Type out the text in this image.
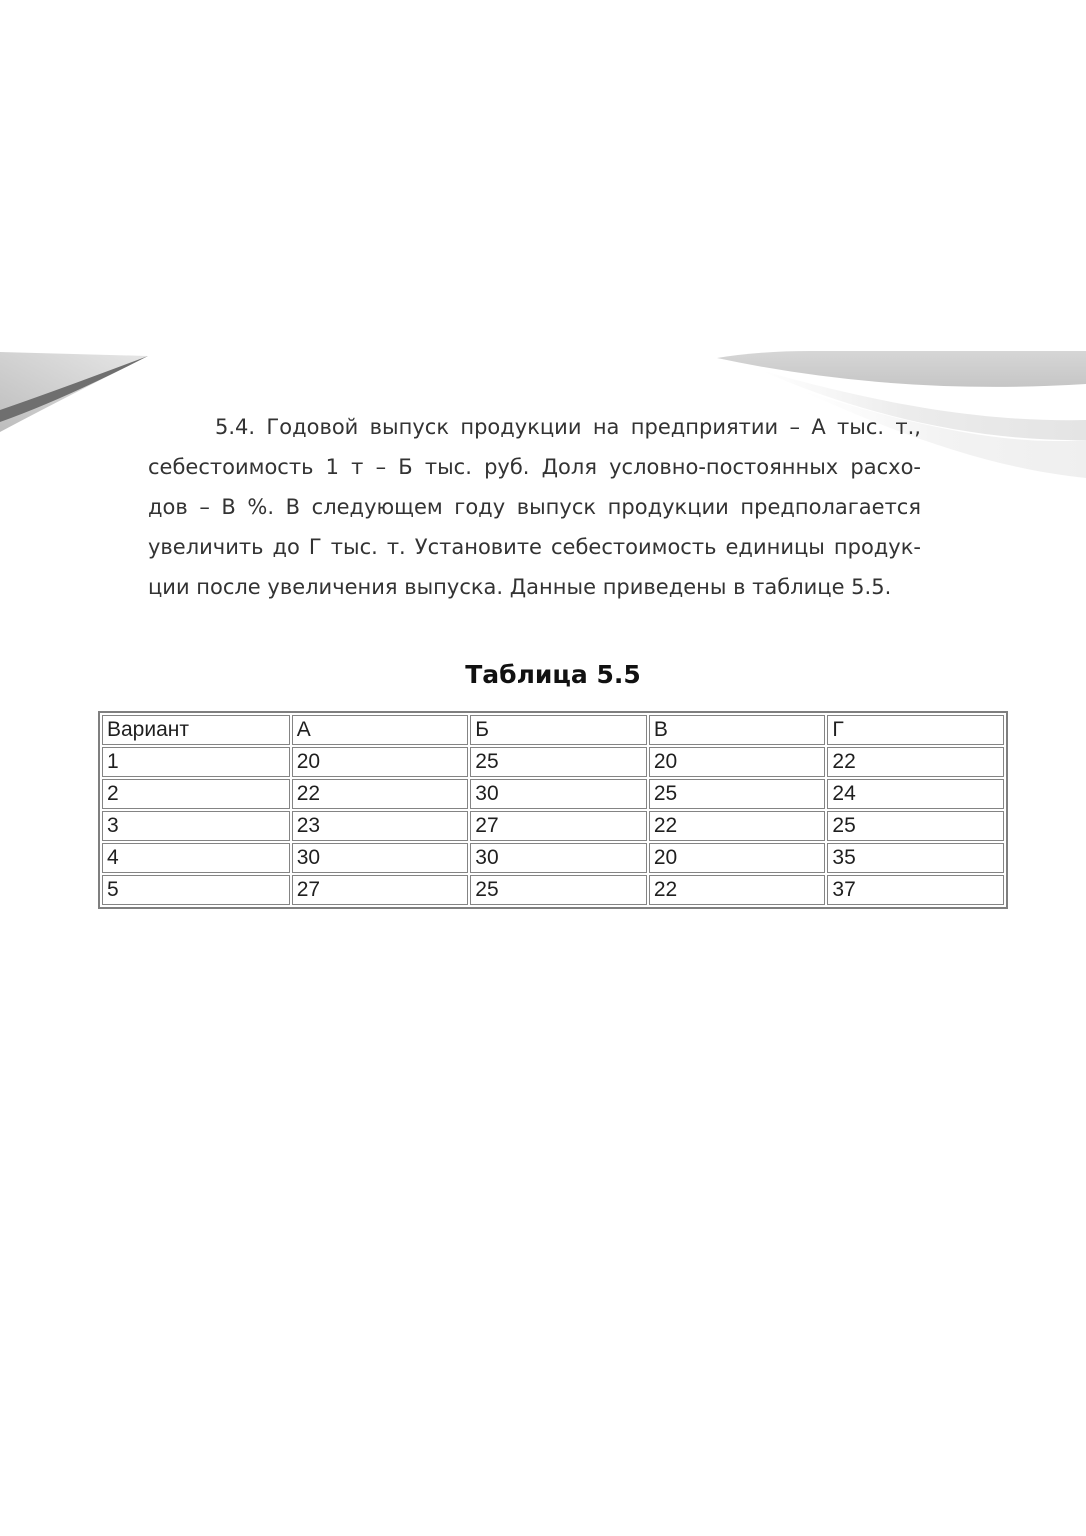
5.4. Годовой выпуск продукции на предприятии – А тыс. т.,
себестоимость 1 т – Б тыс. руб. Доля условно-постоянных расхо-
дов – В %. В следующем году выпуск продукции предполагается
увеличить до Г тыс. т. Установите себестоимость единицы продук-
ции после увеличения выпуска. Данные приведены в таблице 5.5.
Таблица 5.5
Вариант	А	Б	В	Г
1	20	25	20	22
2	22	30	25	24
3	23	27	22	25
4	30	30	20	35
5	27	25	22	37
